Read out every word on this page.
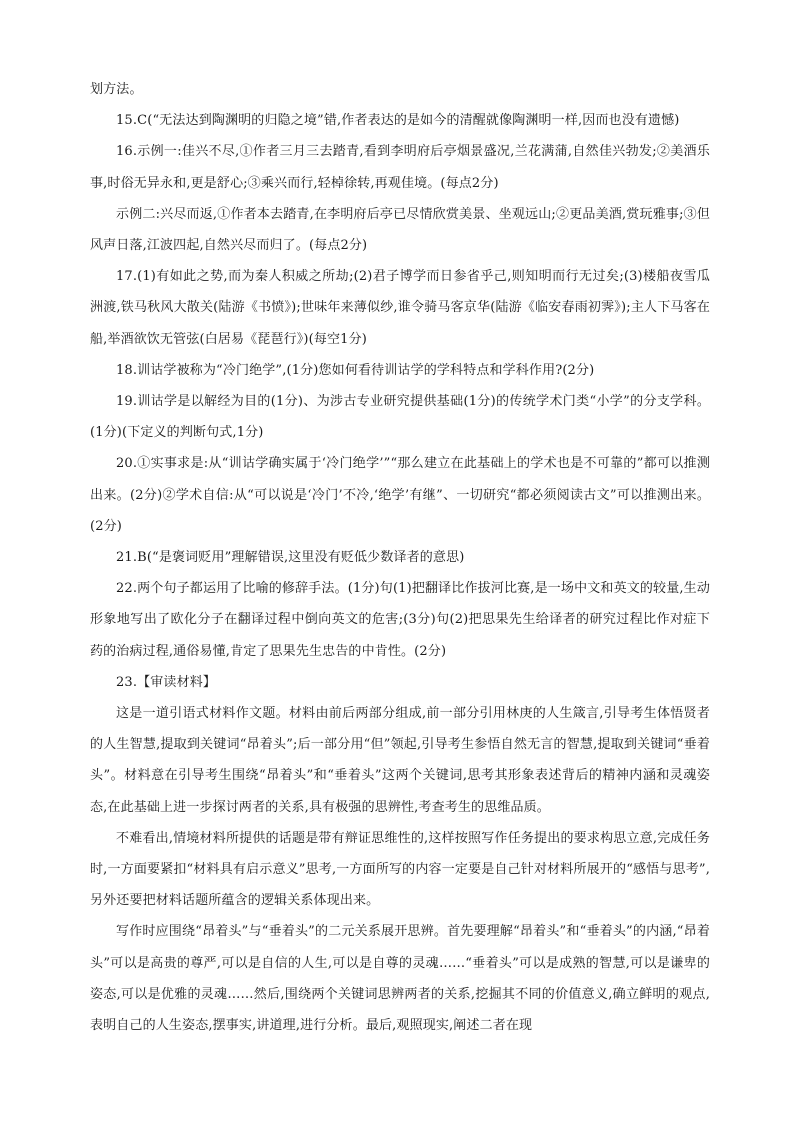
划方法。

15.C(“无法达到陶渊明的归隐之境”错,作者表达的是如今的清醒就像陶渊明一样,因而也没有遗憾)

16.示例一:佳兴不尽,①作者三月三去踏青,看到李明府后亭烟景盛况,兰花满蒲,自然佳兴勃发;②美酒乐事,时俗无异永和,更是舒心;③乘兴而行,轻棹徐转,再观佳境。(每点2分)

示例二:兴尽而返,①作者本去踏青,在李明府后亭已尽情欣赏美景、坐观远山;②更品美酒,赏玩雅事;③但风声日落,江波四起,自然兴尽而归了。(每点2分)

17.(1)有如此之势,而为秦人积威之所劫;(2)君子博学而日参省乎己,则知明而行无过矣;(3)楼船夜雪瓜洲渡,铁马秋风大散关(陆游《书愤》);世味年来薄似纱,谁令骑马客京华(陆游《临安春雨初霁》);主人下马客在船,举酒欲饮无管弦(白居易《琵琶行》)(每空1分)

18.训诂学被称为“冷门绝学”,(1分)您如何看待训诂学的学科特点和学科作用?(2分)

19.训诂学是以解经为目的(1分)、为涉古专业研究提供基础(1分)的传统学术门类“小学”的分支学科。(1分)(下定义的判断句式,1分)

20.①实事求是:从“训诂学确实属于‘冷门绝学’”“那么建立在此基础上的学术也是不可靠的”都可以推测出来。(2分)②学术自信:从“可以说是‘冷门’不冷,‘绝学’有继”、一切研究“都必须阅读古文”可以推测出来。(2分)

21.B(“是褒词贬用”理解错误,这里没有贬低少数译者的意思)

22.两个句子都运用了比喻的修辞手法。(1分)句(1)把翻译比作拔河比赛,是一场中文和英文的较量,生动形象地写出了欧化分子在翻译过程中倒向英文的危害;(3分)句(2)把思果先生给译者的研究过程比作对症下药的治病过程,通俗易懂,肯定了思果先生忠告的中肯性。(2分)

23.【审读材料】

这是一道引语式材料作文题。材料由前后两部分组成,前一部分引用林庚的人生箴言,引导考生体悟贤者的人生智慧,提取到关键词“昂着头”;后一部分用“但”领起,引导考生参悟自然无言的智慧,提取到关键词“垂着头”。材料意在引导考生围绕“昂着头”和“垂着头”这两个关键词,思考其形象表述背后的精神内涵和灵魂姿态,在此基础上进一步探讨两者的关系,具有极强的思辨性,考查考生的思维品质。

不难看出,情境材料所提供的话题是带有辩证思维性的,这样按照写作任务提出的要求构思立意,完成任务时,一方面要紧扣“材料具有启示意义”思考,一方面所写的内容一定要是自己针对材料所展开的“感悟与思考”,另外还要把材料话题所蕴含的逻辑关系体现出来。

写作时应围绕“昂着头”与“垂着头”的二元关系展开思辨。首先要理解“昂着头”和“垂着头”的内涵,“昂着头”可以是高贵的尊严,可以是自信的人生,可以是自尊的灵魂……“垂着头”可以是成熟的智慧,可以是谦卑的姿态,可以是优雅的灵魂……然后,围绕两个关键词思辨两者的关系,挖掘其不同的价值意义,确立鲜明的观点,表明自己的人生姿态,摆事实,讲道理,进行分析。最后,观照现实,阐述二者在现
